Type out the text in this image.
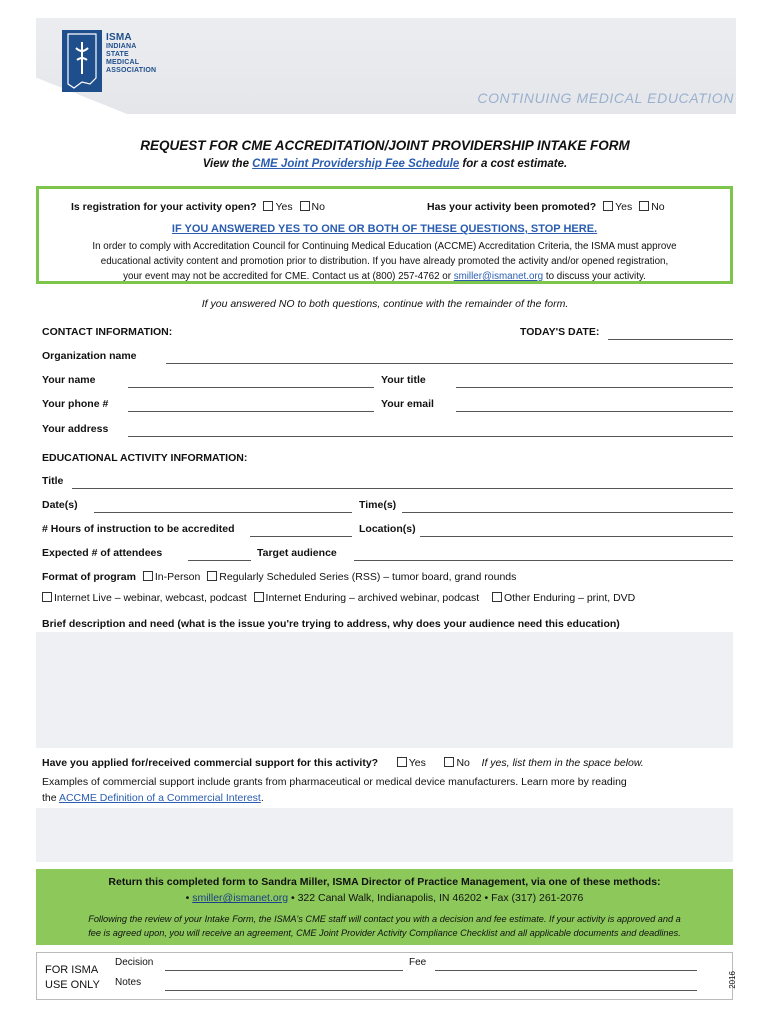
ISMA
INDIANA
STATE
MEDICAL
ASSOCIATION
CONTINUING MEDICAL EDUCATION
REQUEST FOR CME ACCREDITATION/JOINT PROVIDERSHIP INTAKE FORM
View the CME Joint Providership Fee Schedule for a cost estimate.
Is registration for your activity open? Yes No	Has your activity been promoted? Yes No
IF YOU ANSWERED YES TO ONE OR BOTH OF THESE QUESTIONS, STOP HERE.
In order to comply with Accreditation Council for Continuing Medical Education (ACCME) Accreditation Criteria, the ISMA must approve
educational activity content and promotion prior to distribution. If you have already promoted the activity and/or opened registration,
your event may not be accredited for CME. Contact us at (800) 257-4762 or smiller@ismanet.org to discuss your activity.
If you answered NO to both questions, continue with the remainder of the form.
CONTACT INFORMATION:	TODAY'S DATE:
Organization name
Your name	Your title
Your phone #	Your email
Your address
EDUCATIONAL ACTIVITY INFORMATION:
Title
Date(s)	Time(s)
# Hours of instruction to be accredited	Location(s)
Expected # of attendees	Target audience
Format of program In-Person Regularly Scheduled Series (RSS) – tumor board, grand rounds
Internet Live – webinar, webcast, podcast Internet Enduring – archived webinar, podcast Other Enduring – print, DVD
Brief description and need (what is the issue you're trying to address, why does your audience need this education)
Have you applied for/received commercial support for this activity?	Yes	No If yes, list them in the space below.
Examples of commercial support include grants from pharmaceutical or medical device manufacturers. Learn more by reading
the ACCME Definition of a Commercial Interest.
Return this completed form to Sandra Miller, ISMA Director of Practice Management, via one of these methods:
• smiller@ismanet.org • 322 Canal Walk, Indianapolis, IN 46202 • Fax (317) 261-2076
Following the review of your Intake Form, the ISMA's CME staff will contact you with a decision and fee estimate. If your activity is approved and a
fee is agreed upon, you will receive an agreement, CME Joint Provider Activity Compliance Checklist and all applicable documents and deadlines.
FOR ISMA
USE ONLY
Decision	Fee
Notes	2016
